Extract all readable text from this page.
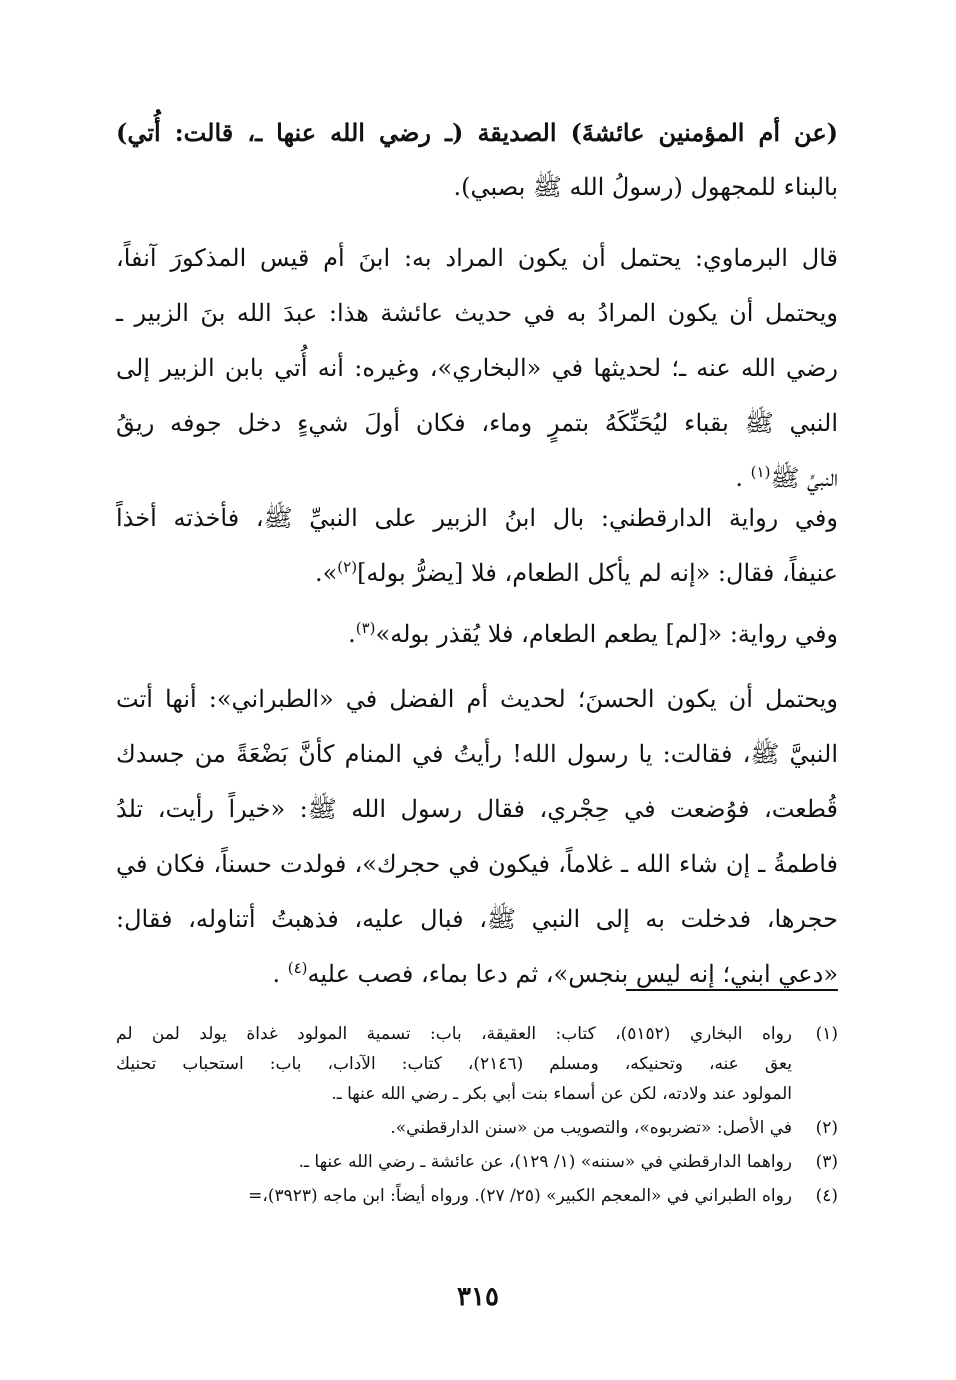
(عن أم المؤمنين عائشةَ) الصديقة (ـ رضي الله عنها ـ، قالت: أُتي)
بالبناء للمجهول (رسولُ الله ﷺ بصبي).
قال البرماوي: يحتمل أن يكون المراد به: ابنَ أم قيس المذكورَ آنفاً،
ويحتمل أن يكون المرادُ به في حديث عائشة هذا: عبدَ الله بنَ الزبير ـ
رضي الله عنه ـ؛ لحديثها في «البخاري»، وغيره: أنه أُتي بابن الزبير إلى
النبي ﷺ بقباء ليُحَنِّكَهُ بتمرٍ وماء، فكان أولَ شيءٍ دخل جوفه ريقُ
النبيِّ ﷺ$^{(١)}$ .
وفي رواية الدارقطني: بال ابنُ الزبير على النبيِّ ﷺ، فأخذته أخذاً
عنيفاً، فقال: «إنه لم يأكل الطعام، فلا [يضرُّ بوله]$^{(٢)}$».
وفي رواية: «[لم] يطعم الطعام، فلا يُقذر بوله»$^{(٣)}$.
ويحتمل أن يكون الحسنَ؛ لحديث أم الفضل في «الطبراني»: أنها أتت
النبيَّ ﷺ، فقالت: يا رسول الله! رأيتُ في المنام كأنَّ بَضْعَةً من جسدك
قُطعت، فوُضعت في حِجْري، فقال رسول الله ﷺ: «خيراً رأيت، تلدُ
فاطمةُ ـ إن شاء الله ـ غلاماً، فيكون في حجرك»، فولدت حسناً، فكان في
حجرها، فدخلت به إلى النبي ﷺ، فبال عليه، فذهبتُ أتناوله، فقال:
«دعي ابني؛ إنه ليس بنجس»، ثم دعا بماء، فصب عليه$^{(٤)}$ .
(١)
رواه البخاري (٥١٥٢)، كتاب: العقيقة، باب: تسمية المولود غداة يولد لمن لم
يعق عنه، وتحنيكه، ومسلم (٢١٤٦)، كتاب: الآداب، باب: استحباب تحنيك
المولود عند ولادته، لكن عن أسماء بنت أبي بكر ـ رضي الله عنها ـ.
(٢)
في الأصل: «تضربوه»، والتصويب من «سنن الدارقطني».
(٣)
رواهما الدارقطني في «سننه» (١/ ١٢٩)، عن عائشة ـ رضي الله عنها ـ.
(٤)
رواه الطبراني في «المعجم الكبير» (٢٥/ ٢٧). ورواه أيضاً: ابن ماجه (٣٩٢٣)،=
٣١٥
